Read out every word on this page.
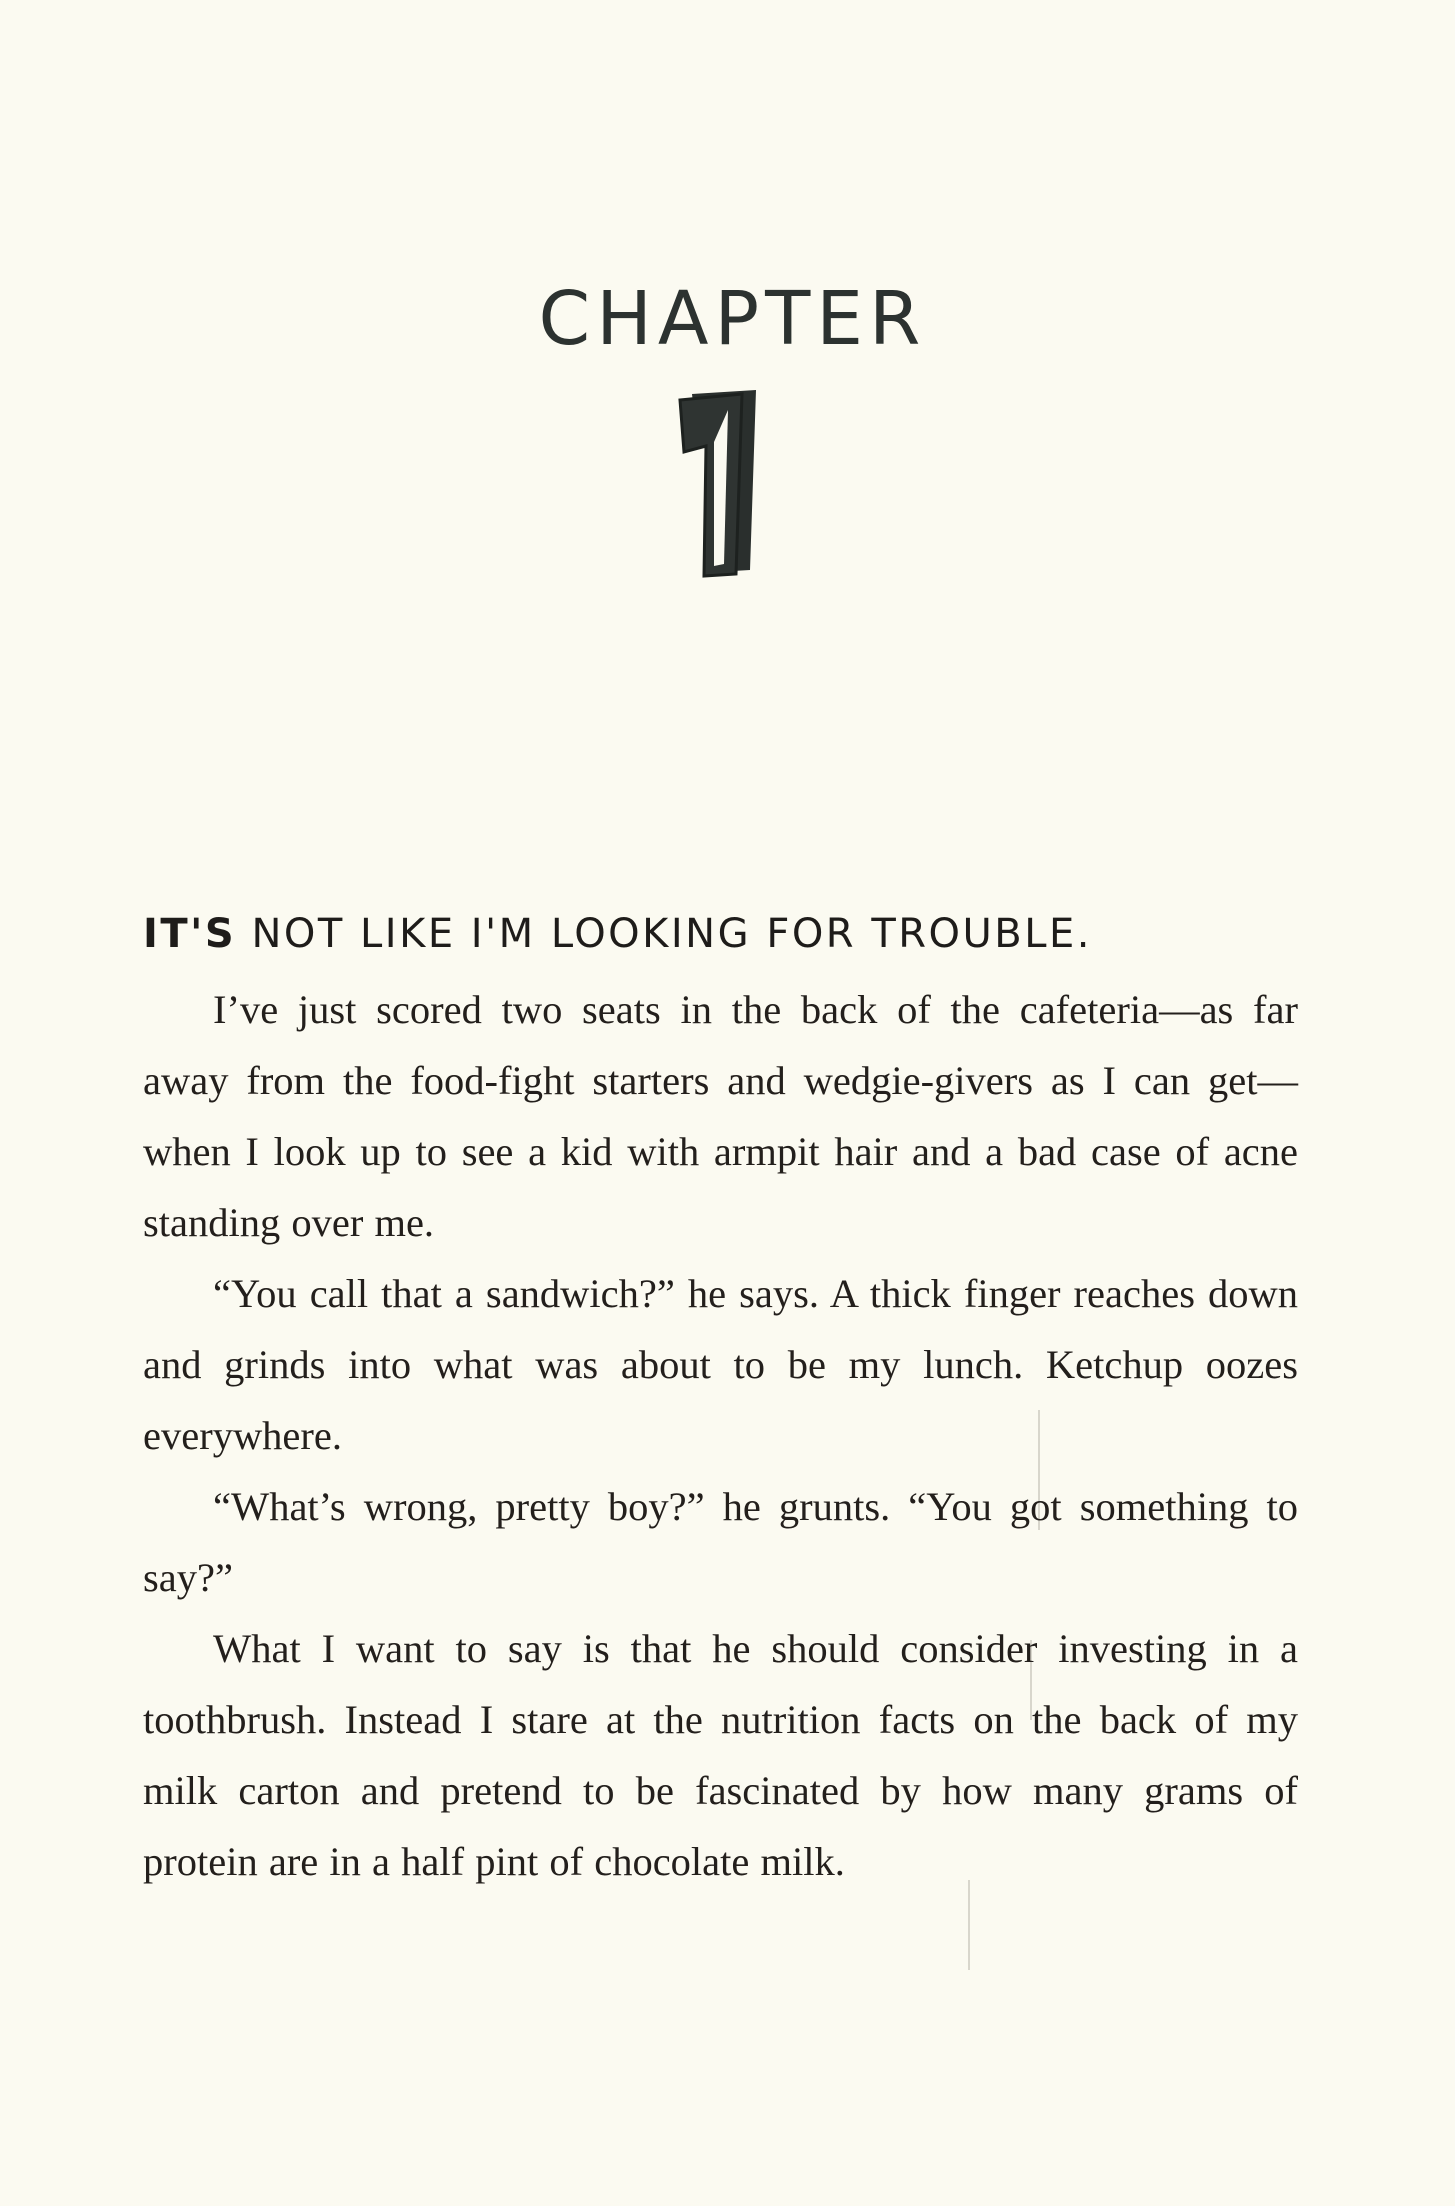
CHAPTER

IT'S NOT LIKE I'M LOOKING FOR TROUBLE.

I’ve just scored two seats in the back of the cafeteria—as far away from the food-fight starters and wedgie-givers as I can get—when I look up to see a kid with armpit hair and a bad case of acne standing over me.

“You call that a sandwich?” he says. A thick finger reaches down and grinds into what was about to be my lunch. Ketchup oozes everywhere.

“What’s wrong, pretty boy?” he grunts. “You got something to say?”

What I want to say is that he should consider investing in a toothbrush. Instead I stare at the nutrition facts on the back of my milk carton and pretend to be fascinated by how many grams of protein are in a half pint of chocolate milk.
